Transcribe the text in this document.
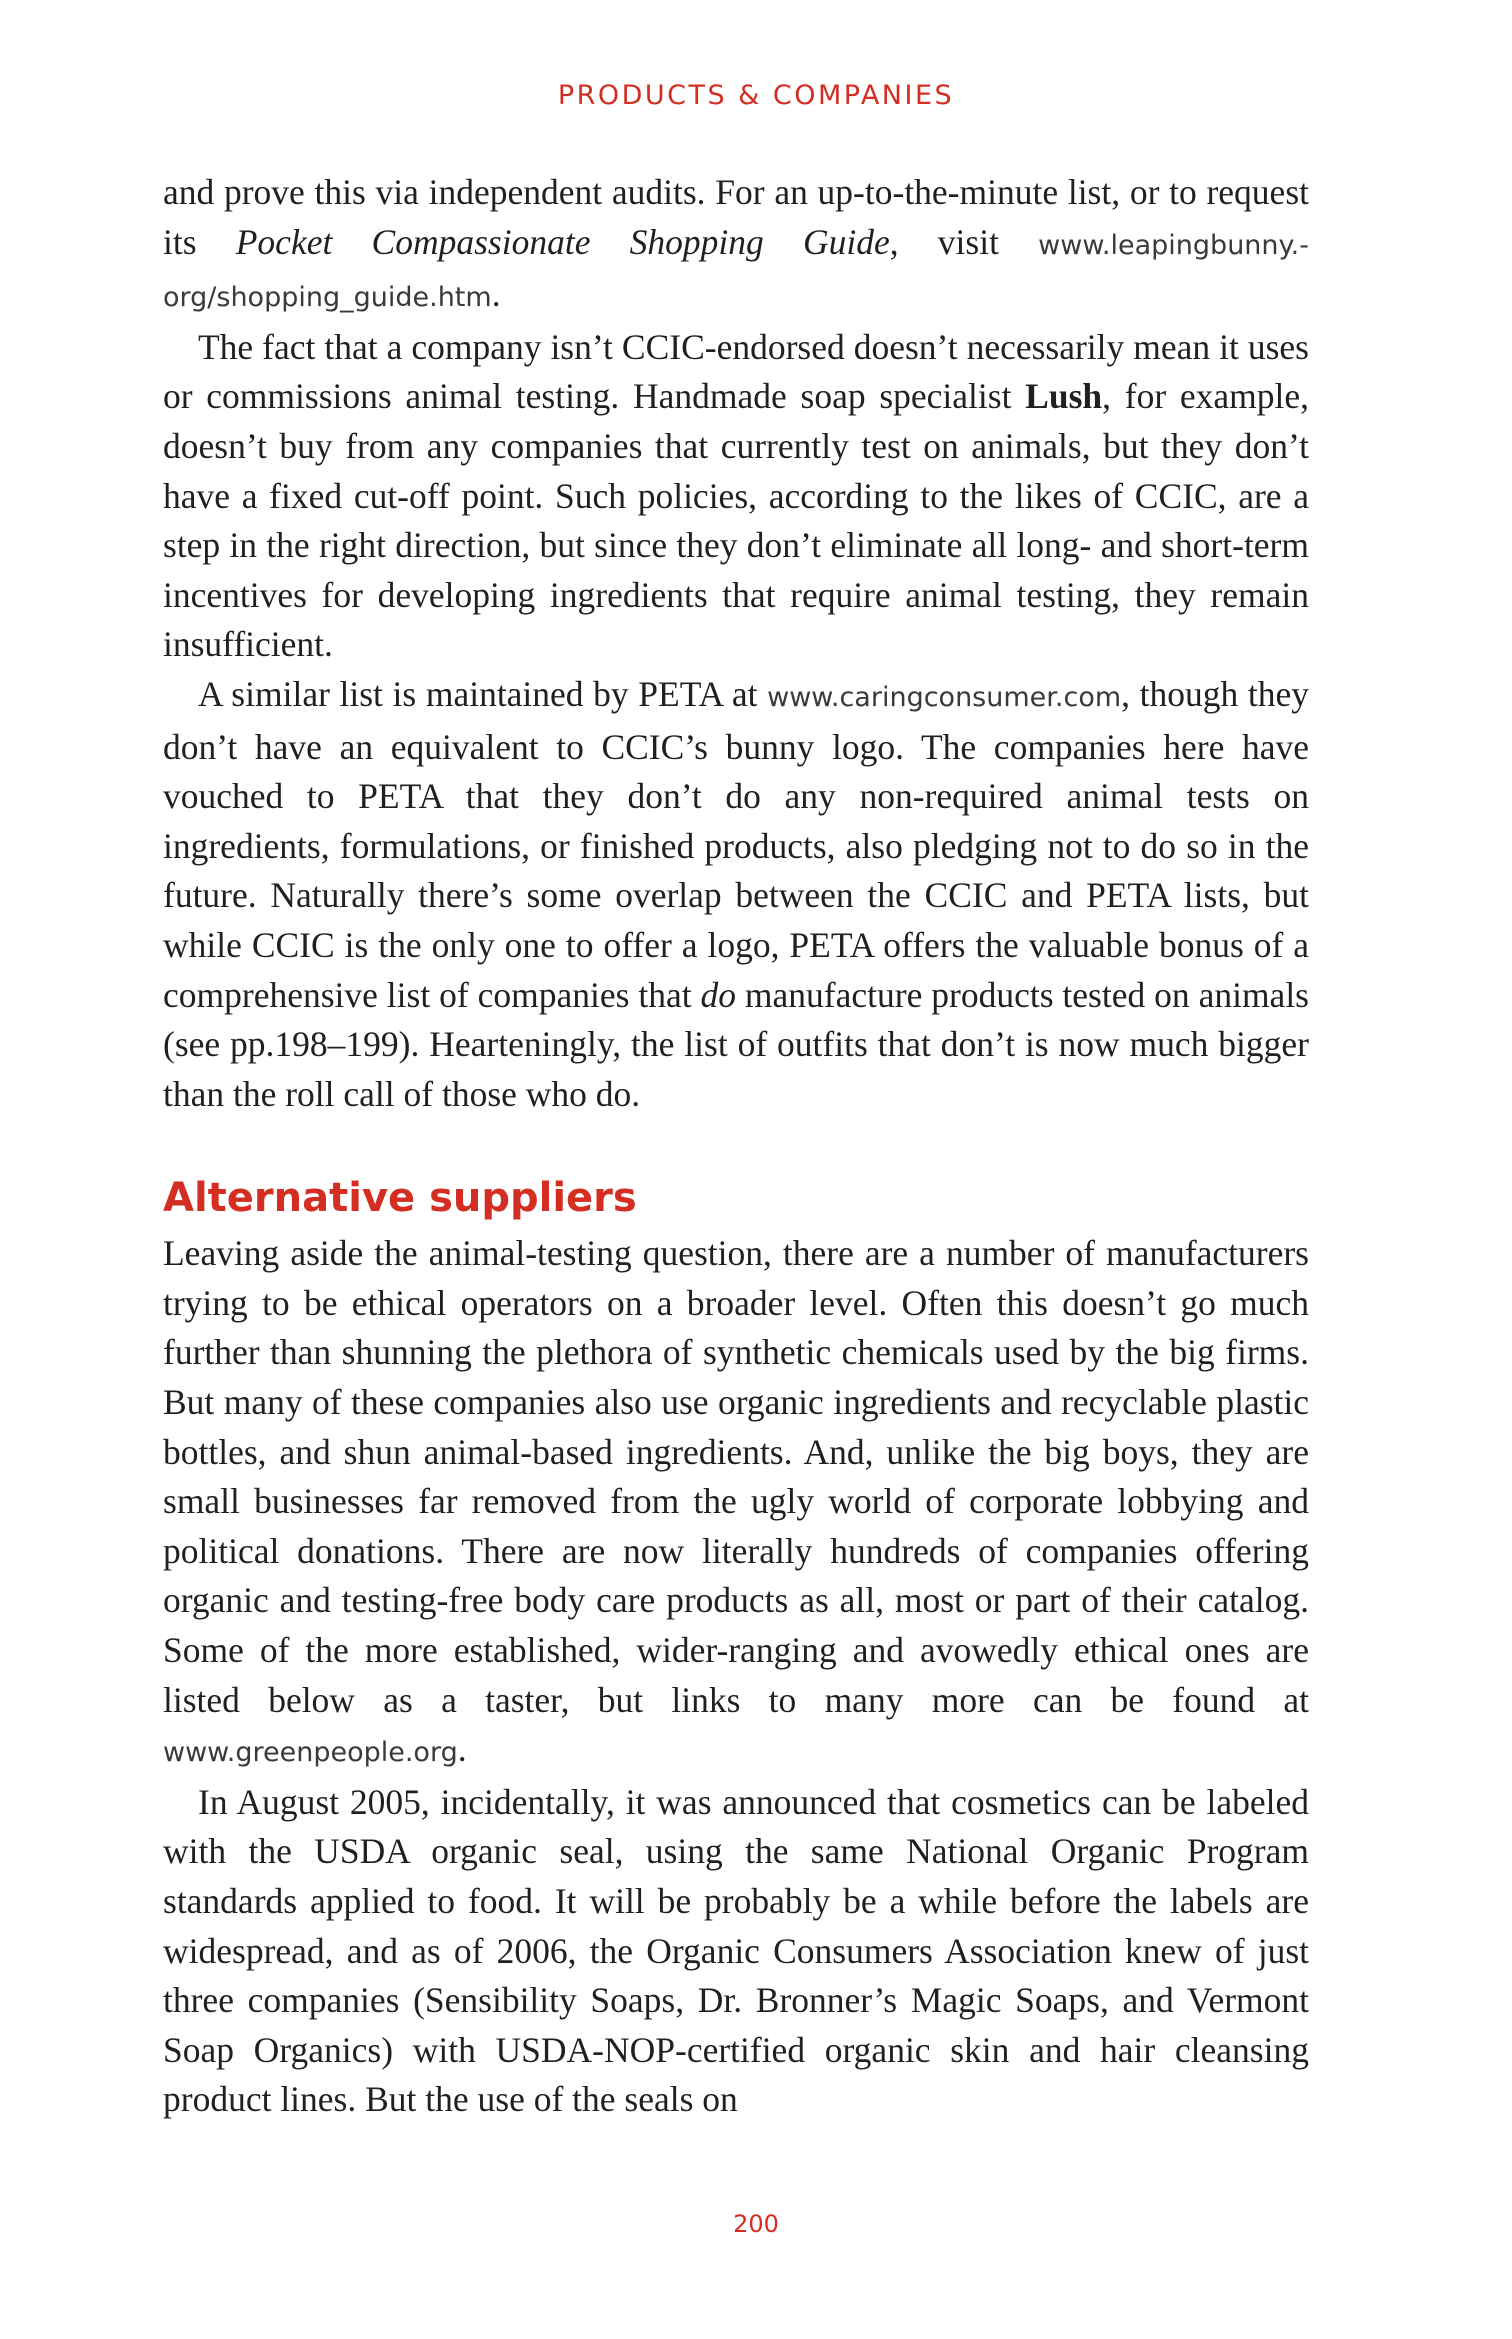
PRODUCTS & COMPANIES

and prove this via independent audits. For an up-to-the-minute list, or to request its Pocket Compassionate Shopping Guide, visit www.leapingbunny.org/shopping_guide.htm.

The fact that a company isn’t CCIC-endorsed doesn’t necessarily mean it uses or commissions animal testing. Handmade soap specialist Lush, for example, doesn’t buy from any companies that currently test on animals, but they don’t have a fixed cut-off point. Such policies, according to the likes of CCIC, are a step in the right direction, but since they don’t eliminate all long- and short-term incentives for developing ingredients that require animal testing, they remain insufficient.

A similar list is maintained by PETA at www.caringconsumer.com, though they don’t have an equivalent to CCIC’s bunny logo. The companies here have vouched to PETA that they don’t do any non-required animal tests on ingredients, formulations, or finished products, also pledging not to do so in the future. Naturally there’s some overlap between the CCIC and PETA lists, but while CCIC is the only one to offer a logo, PETA offers the valuable bonus of a comprehensive list of companies that do manufacture products tested on animals (see pp.198–199). Hearteningly, the list of outfits that don’t is now much bigger than the roll call of those who do.

Alternative suppliers

Leaving aside the animal-testing question, there are a number of manufacturers trying to be ethical operators on a broader level. Often this doesn’t go much further than shunning the plethora of synthetic chemicals used by the big firms. But many of these companies also use organic ingredients and recyclable plastic bottles, and shun animal-based ingredients. And, unlike the big boys, they are small businesses far removed from the ugly world of corporate lobbying and political donations. There are now literally hundreds of companies offering organic and testing-free body care products as all, most or part of their catalog. Some of the more established, wider-ranging and avowedly ethical ones are listed below as a taster, but links to many more can be found at www.greenpeople.org.

In August 2005, incidentally, it was announced that cosmetics can be labeled with the USDA organic seal, using the same National Organic Program standards applied to food. It will be probably be a while before the labels are widespread, and as of 2006, the Organic Consumers Association knew of just three companies (Sensibility Soaps, Dr. Bronner’s Magic Soaps, and Vermont Soap Organics) with USDA-NOP-certified organic skin and hair cleansing product lines. But the use of the seals on

200
